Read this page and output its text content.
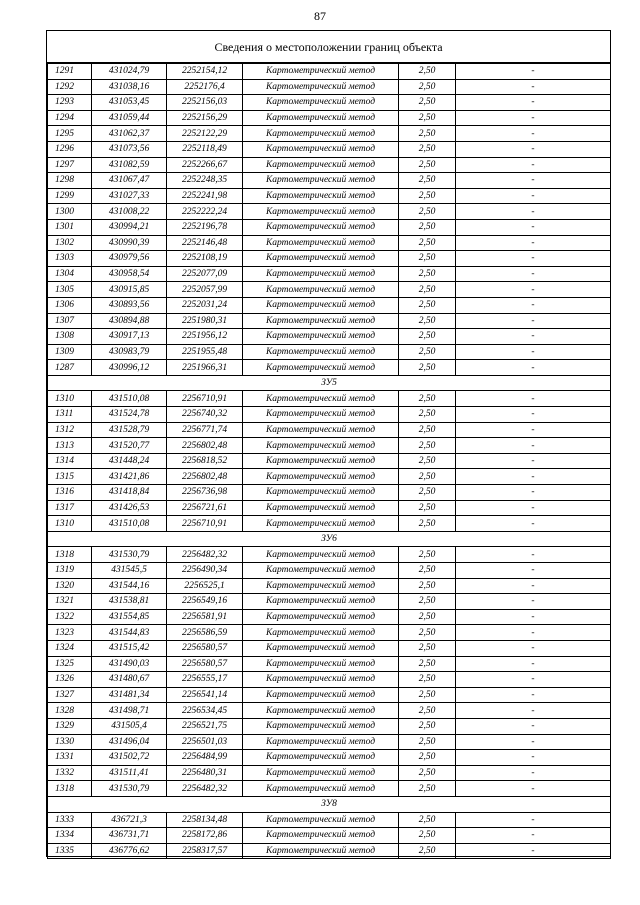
87
Сведения о местоположении границ объекта
1291	431024,79	2252154,12	Картометрический метод	2,50	-
1292	431038,16	2252176,4	Картометрический метод	2,50	-
1293	431053,45	2252156,03	Картометрический метод	2,50	-
1294	431059,44	2252156,29	Картометрический метод	2,50	-
1295	431062,37	2252122,29	Картометрический метод	2,50	-
1296	431073,56	2252118,49	Картометрический метод	2,50	-
1297	431082,59	2252266,67	Картометрический метод	2,50	-
1298	431067,47	2252248,35	Картометрический метод	2,50	-
1299	431027,33	2252241,98	Картометрический метод	2,50	-
1300	431008,22	2252222,24	Картометрический метод	2,50	-
1301	430994,21	2252196,78	Картометрический метод	2,50	-
1302	430990,39	2252146,48	Картометрический метод	2,50	-
1303	430979,56	2252108,19	Картометрический метод	2,50	-
1304	430958,54	2252077,09	Картометрический метод	2,50	-
1305	430915,85	2252057,99	Картометрический метод	2,50	-
1306	430893,56	2252031,24	Картометрический метод	2,50	-
1307	430894,88	2251980,31	Картометрический метод	2,50	-
1308	430917,13	2251956,12	Картометрический метод	2,50	-
1309	430983,79	2251955,48	Картометрический метод	2,50	-
1287	430996,12	2251966,31	Картометрический метод	2,50	-
ЗУ5					
1310	431510,08	2256710,91	Картометрический метод	2,50	-
1311	431524,78	2256740,32	Картометрический метод	2,50	-
1312	431528,79	2256771,74	Картометрический метод	2,50	-
1313	431520,77	2256802,48	Картометрический метод	2,50	-
1314	431448,24	2256818,52	Картометрический метод	2,50	-
1315	431421,86	2256802,48	Картометрический метод	2,50	-
1316	431418,84	2256736,98	Картометрический метод	2,50	-
1317	431426,53	2256721,61	Картометрический метод	2,50	-
1310	431510,08	2256710,91	Картометрический метод	2,50	-
ЗУ6					
1318	431530,79	2256482,32	Картометрический метод	2,50	-
1319	431545,5	2256490,34	Картометрический метод	2,50	-
1320	431544,16	2256525,1	Картометрический метод	2,50	-
1321	431538,81	2256549,16	Картометрический метод	2,50	-
1322	431554,85	2256581,91	Картометрический метод	2,50	-
1323	431544,83	2256586,59	Картометрический метод	2,50	-
1324	431515,42	2256580,57	Картометрический метод	2,50	-
1325	431490,03	2256580,57	Картометрический метод	2,50	-
1326	431480,67	2256555,17	Картометрический метод	2,50	-
1327	431481,34	2256541,14	Картометрический метод	2,50	-
1328	431498,71	2256534,45	Картометрический метод	2,50	-
1329	431505,4	2256521,75	Картометрический метод	2,50	-
1330	431496,04	2256501,03	Картометрический метод	2,50	-
1331	431502,72	2256484,99	Картометрический метод	2,50	-
1332	431511,41	2256480,31	Картометрический метод	2,50	-
1318	431530,79	2256482,32	Картометрический метод	2,50	-
ЗУ8					
1333	436721,3	2258134,48	Картометрический метод	2,50	-
1334	436731,71	2258172,86	Картометрический метод	2,50	-
1335	436776,62	2258317,57	Картометрический метод	2,50	-
